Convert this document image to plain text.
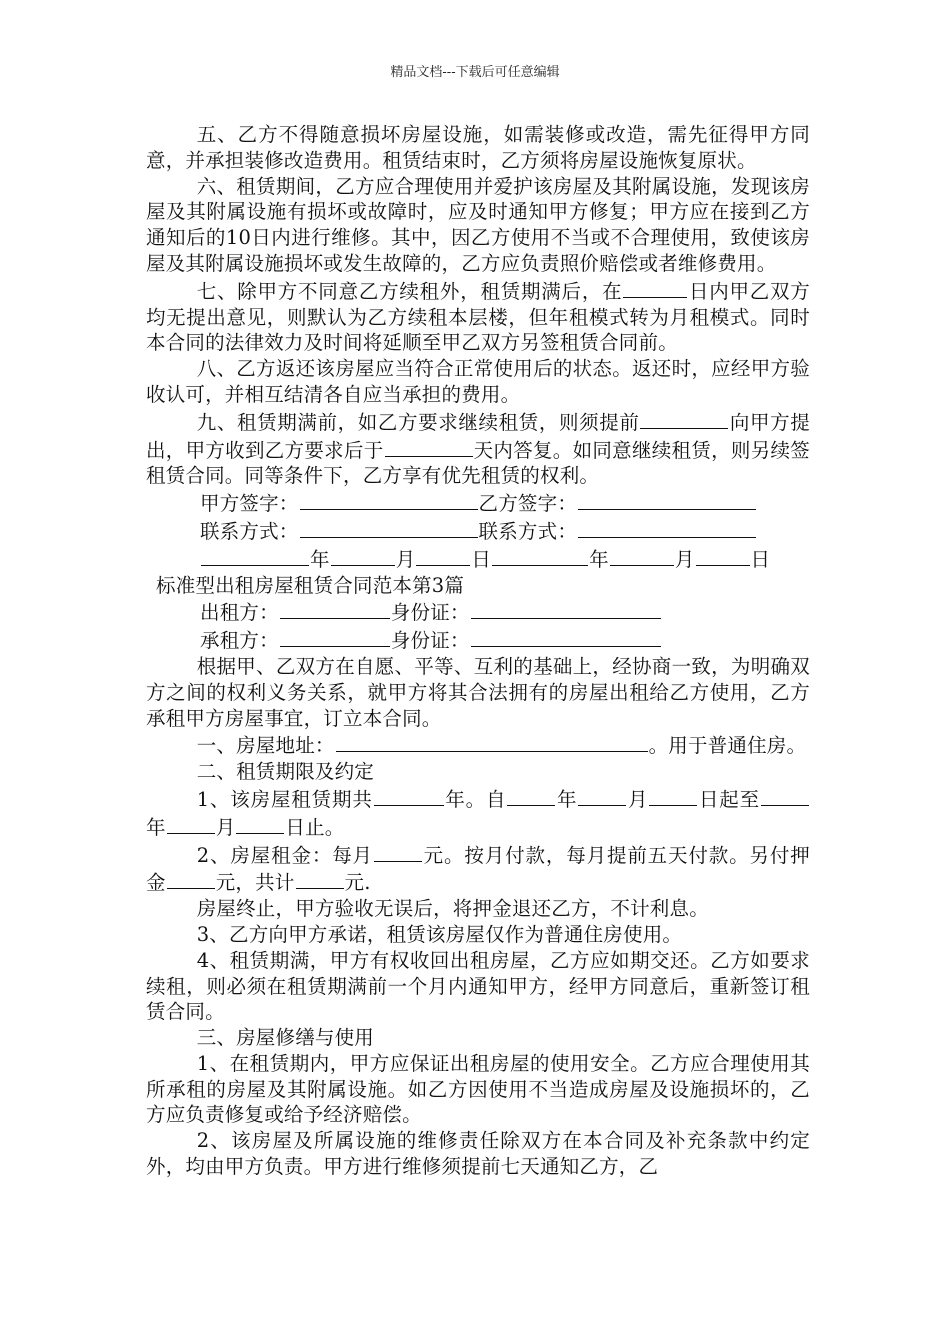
精品文档---下载后可任意编辑

五、乙方不得随意损坏房屋设施，如需装修或改造，需先征得甲方同意，并承担装修改造费用。租赁结束时，乙方须将房屋设施恢复原状。

六、租赁期间，乙方应合理使用并爱护该房屋及其附属设施，发现该房屋及其附属设施有损坏或故障时，应及时通知甲方修复；甲方应在接到乙方通知后的10日内进行维修。其中，因乙方使用不当或不合理使用，致使该房屋及其附属设施损坏或发生故障的，乙方应负责照价赔偿或者维修费用。

七、除甲方不同意乙方续租外，租赁期满后，在	日内甲乙双方均无提出意见，则默认为乙方续租本层楼，但年租模式转为月租模式。同时本合同的法律效力及时间将延顺至甲乙双方另签租赁合同前。

八、乙方返还该房屋应当符合正常使用后的状态。返还时，应经甲方验收认可，并相互结清各自应当承担的费用。

九、租赁期满前，如乙方要求继续租赁，则须提前	向甲方提出，甲方收到乙方要求后于	天内答复。如同意继续租赁，则另续签租赁合同。同等条件下，乙方享有优先租赁的权利。

甲方签字：	乙方签字：
联系方式：	联系方式：
年	月	日	年	月	日

标准型出租房屋租赁合同范本第3篇

出租方：	身份证：
承租方：	身份证：

根据甲、乙双方在自愿、平等、互利的基础上，经协商一致，为明确双方之间的权利义务关系，就甲方将其合法拥有的房屋出租给乙方使用，乙方承租甲方房屋事宜，订立本合同。

一、房屋地址：	。用于普通住房。

二、租赁期限及约定

1、该房屋租赁期共	年。自	年	月	日起至年	月	日止。

2、房屋租金：每月	元。按月付款，每月提前五天付款。另付押金	元，共计	元.

房屋终止，甲方验收无误后，将押金退还乙方，不计利息。

3、乙方向甲方承诺，租赁该房屋仅作为普通住房使用。

4、租赁期满，甲方有权收回出租房屋，乙方应如期交还。乙方如要求续租，则必须在租赁期满前一个月内通知甲方，经甲方同意后，重新签订租赁合同。

三、房屋修缮与使用

1、在租赁期内，甲方应保证出租房屋的使用安全。乙方应合理使用其所承租的房屋及其附属设施。如乙方因使用不当造成房屋及设施损坏的，乙方应负责修复或给予经济赔偿。

2、该房屋及所属设施的维修责任除双方在本合同及补充条款中约定外，均由甲方负责。甲方进行维修须提前七天通知乙方，乙
